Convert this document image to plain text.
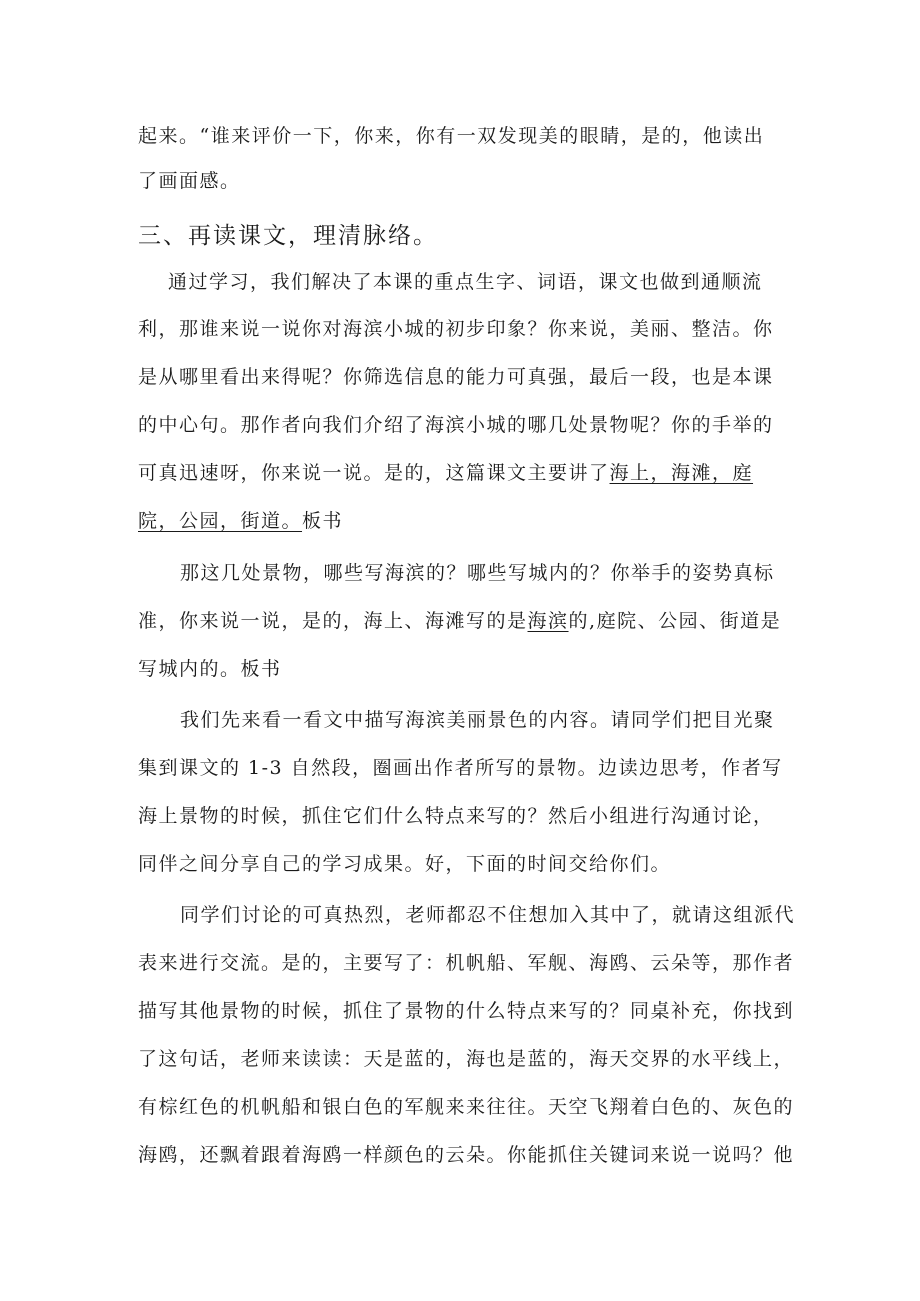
起来。“谁来评价一下，你来，你有一双发现美的眼睛，是的，他读出
了画面感。
三、再读课文，理清脉络。
通过学习，我们解决了本课的重点生字、词语，课文也做到通顺流
利，那谁来说一说你对海滨小城的初步印象？你来说，美丽、整洁。你
是从哪里看出来得呢？你筛选信息的能力可真强，最后一段，也是本课
的中心句。那作者向我们介绍了海滨小城的哪几处景物呢？你的手举的
可真迅速呀，你来说一说。是的，这篇课文主要讲了海上，海滩，庭
院，公园，街道。板书
那这几处景物，哪些写海滨的？哪些写城内的？你举手的姿势真标
准，你来说一说，是的，海上、海滩写的是海滨的,庭院、公园、街道是
写城内的。板书
我们先来看一看文中描写海滨美丽景色的内容。请同学们把目光聚
集到课文的 1-3 自然段，圈画出作者所写的景物。边读边思考，作者写
海上景物的时候，抓住它们什么特点来写的？然后小组进行沟通讨论，
同伴之间分享自己的学习成果。好，下面的时间交给你们。
同学们讨论的可真热烈，老师都忍不住想加入其中了，就请这组派代
表来进行交流。是的，主要写了：机帆船、军舰、海鸥、云朵等，那作者
描写其他景物的时候，抓住了景物的什么特点来写的？同桌补充，你找到
了这句话，老师来读读：天是蓝的，海也是蓝的，海天交界的水平线上，
有棕红色的机帆船和银白色的军舰来来往往。天空飞翔着白色的、灰色的
海鸥，还飘着跟着海鸥一样颜色的云朵。你能抓住关键词来说一说吗？他
